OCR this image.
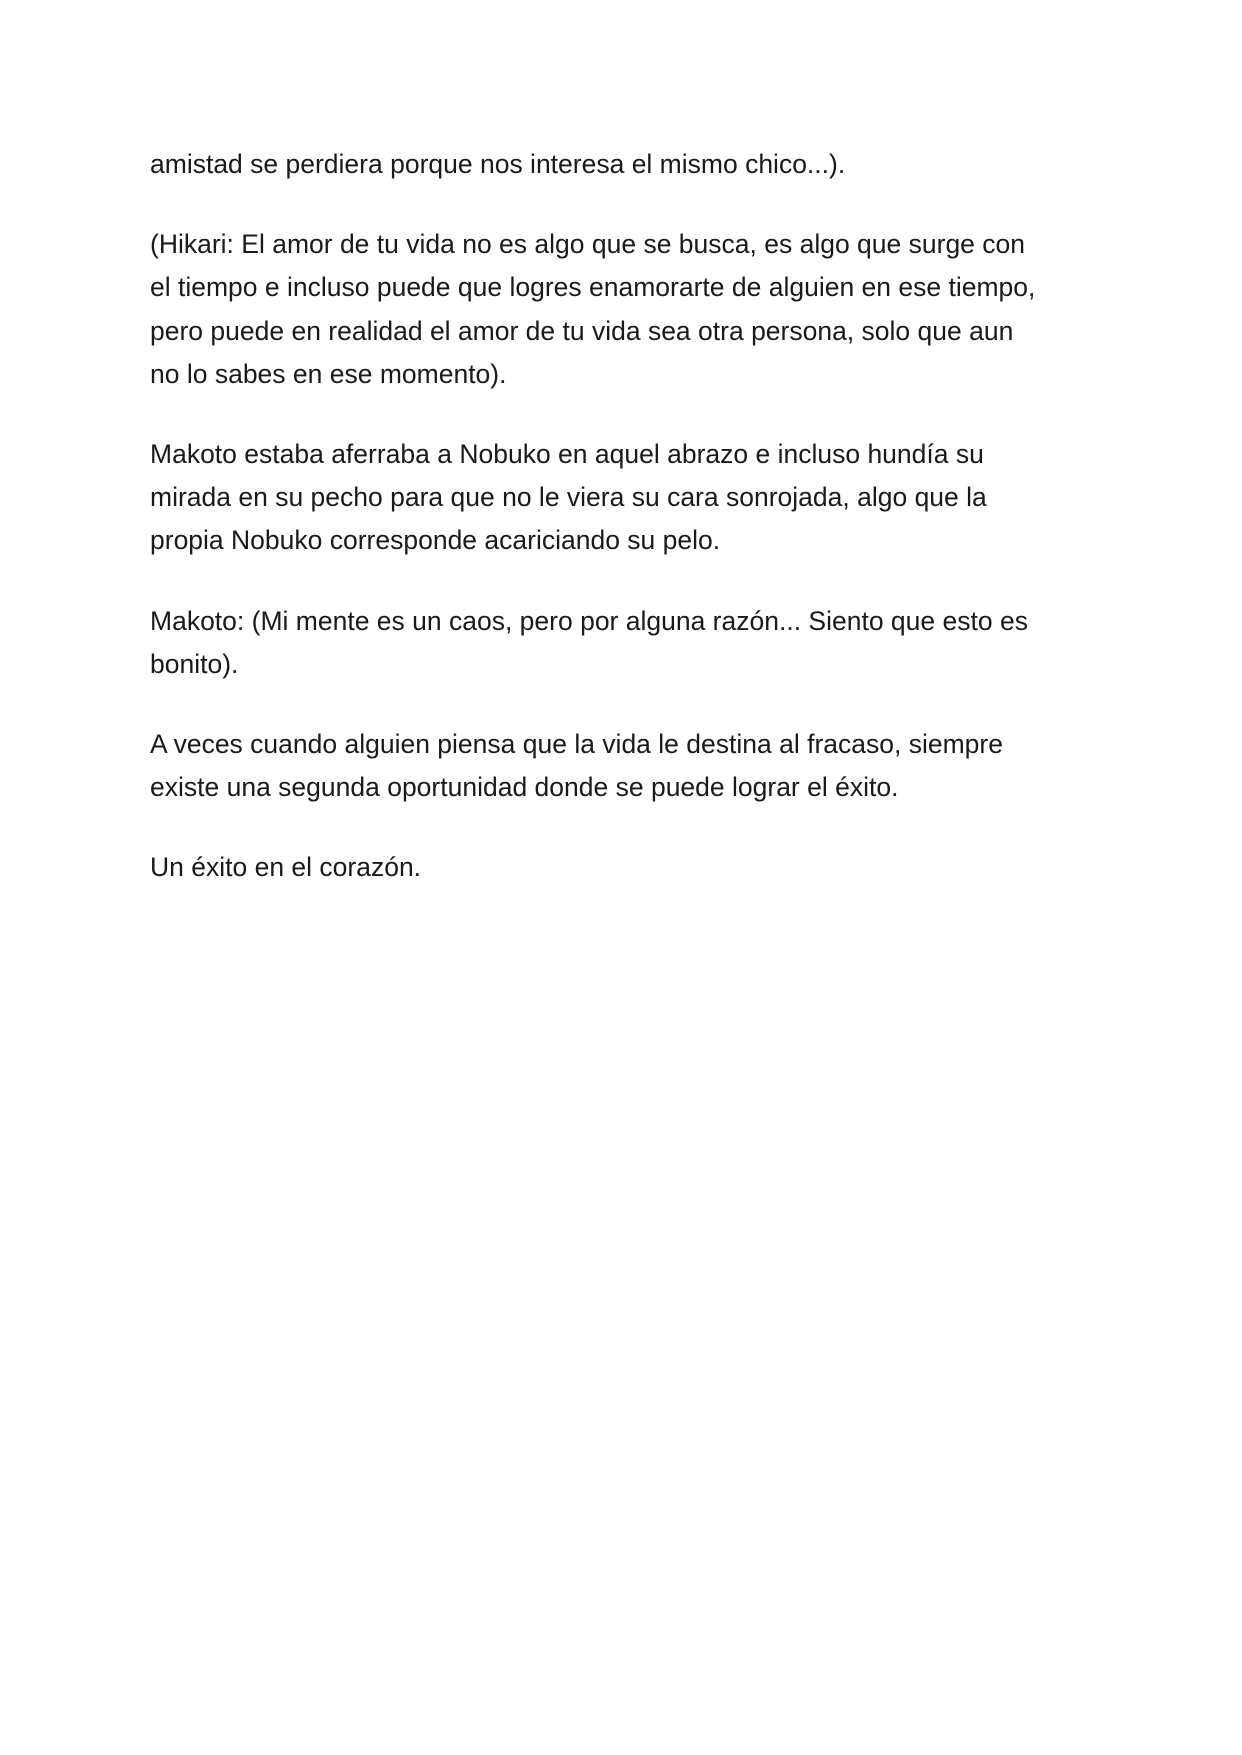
amistad se perdiera porque nos interesa el mismo chico...).

(Hikari: El amor de tu vida no es algo que se busca, es algo que surge con
el tiempo e incluso puede que logres enamorarte de alguien en ese tiempo,
pero puede en realidad el amor de tu vida sea otra persona, solo que aun
no lo sabes en ese momento).

Makoto estaba aferraba a Nobuko en aquel abrazo e incluso hundía su
mirada en su pecho para que no le viera su cara sonrojada, algo que la
propia Nobuko corresponde acariciando su pelo.

Makoto: (Mi mente es un caos, pero por alguna razón... Siento que esto es
bonito).

A veces cuando alguien piensa que la vida le destina al fracaso, siempre
existe una segunda oportunidad donde se puede lograr el éxito.

Un éxito en el corazón.
